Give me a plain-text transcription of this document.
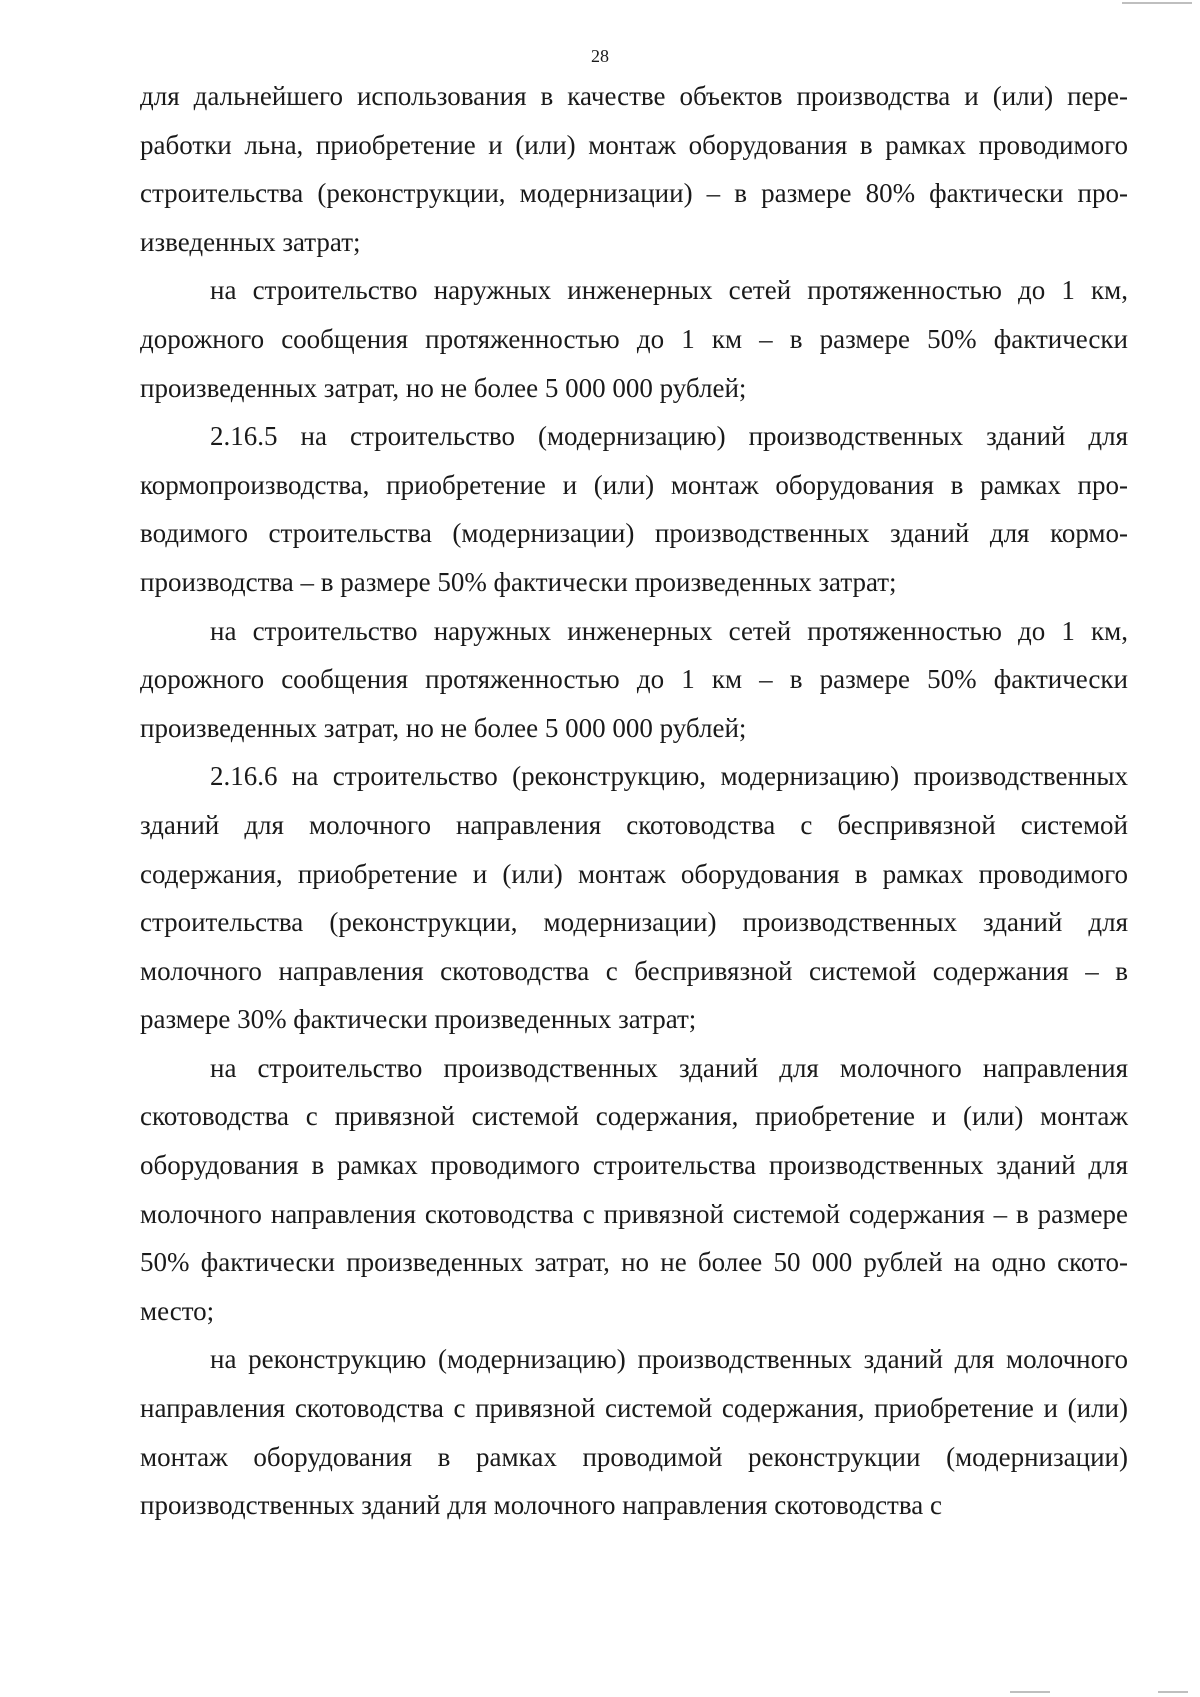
28

для дальнейшего использования в качестве объектов производства и (или) переработки льна, приобретение и (или) монтаж оборудования в рамках проводимого строительства (реконструкции, модернизации) – в размере 80% фактически произведенных затрат;

на строительство наружных инженерных сетей протяженностью до 1 км, дорожного сообщения протяженностью до 1 км – в размере 50% фактически произведенных затрат, но не более 5 000 000 рублей;

2.16.5 на строительство (модернизацию) производственных зданий для кормопроизводства, приобретение и (или) монтаж оборудования в рамках проводимого строительства (модернизации) производственных зданий для кормопроизводства – в размере 50% фактически произведенных затрат;

на строительство наружных инженерных сетей протяженностью до 1 км, дорожного сообщения протяженностью до 1 км – в размере 50% фактически произведенных затрат, но не более 5 000 000 рублей;

2.16.6 на строительство (реконструкцию, модернизацию) производственных зданий для молочного направления скотоводства с беспривязной системой содержания, приобретение и (или) монтаж оборудования в рамках проводимого строительства (реконструкции, модернизации) производственных зданий для молочного направления скотоводства с беспривязной системой содержания – в размере 30% фактически произведенных затрат;

на строительство производственных зданий для молочного направления скотоводства с привязной системой содержания, приобретение и (или) монтаж оборудования в рамках проводимого строительства производственных зданий для молочного направления скотоводства с привязной системой содержания – в размере 50% фактически произведенных затрат, но не более 50 000 рублей на одно ското-место;

на реконструкцию (модернизацию) производственных зданий для молочного направления скотоводства с привязной системой содержания, приобретение и (или) монтаж оборудования в рамках проводимой реконструкции (модернизации) производственных зданий для молочного направления скотоводства с
